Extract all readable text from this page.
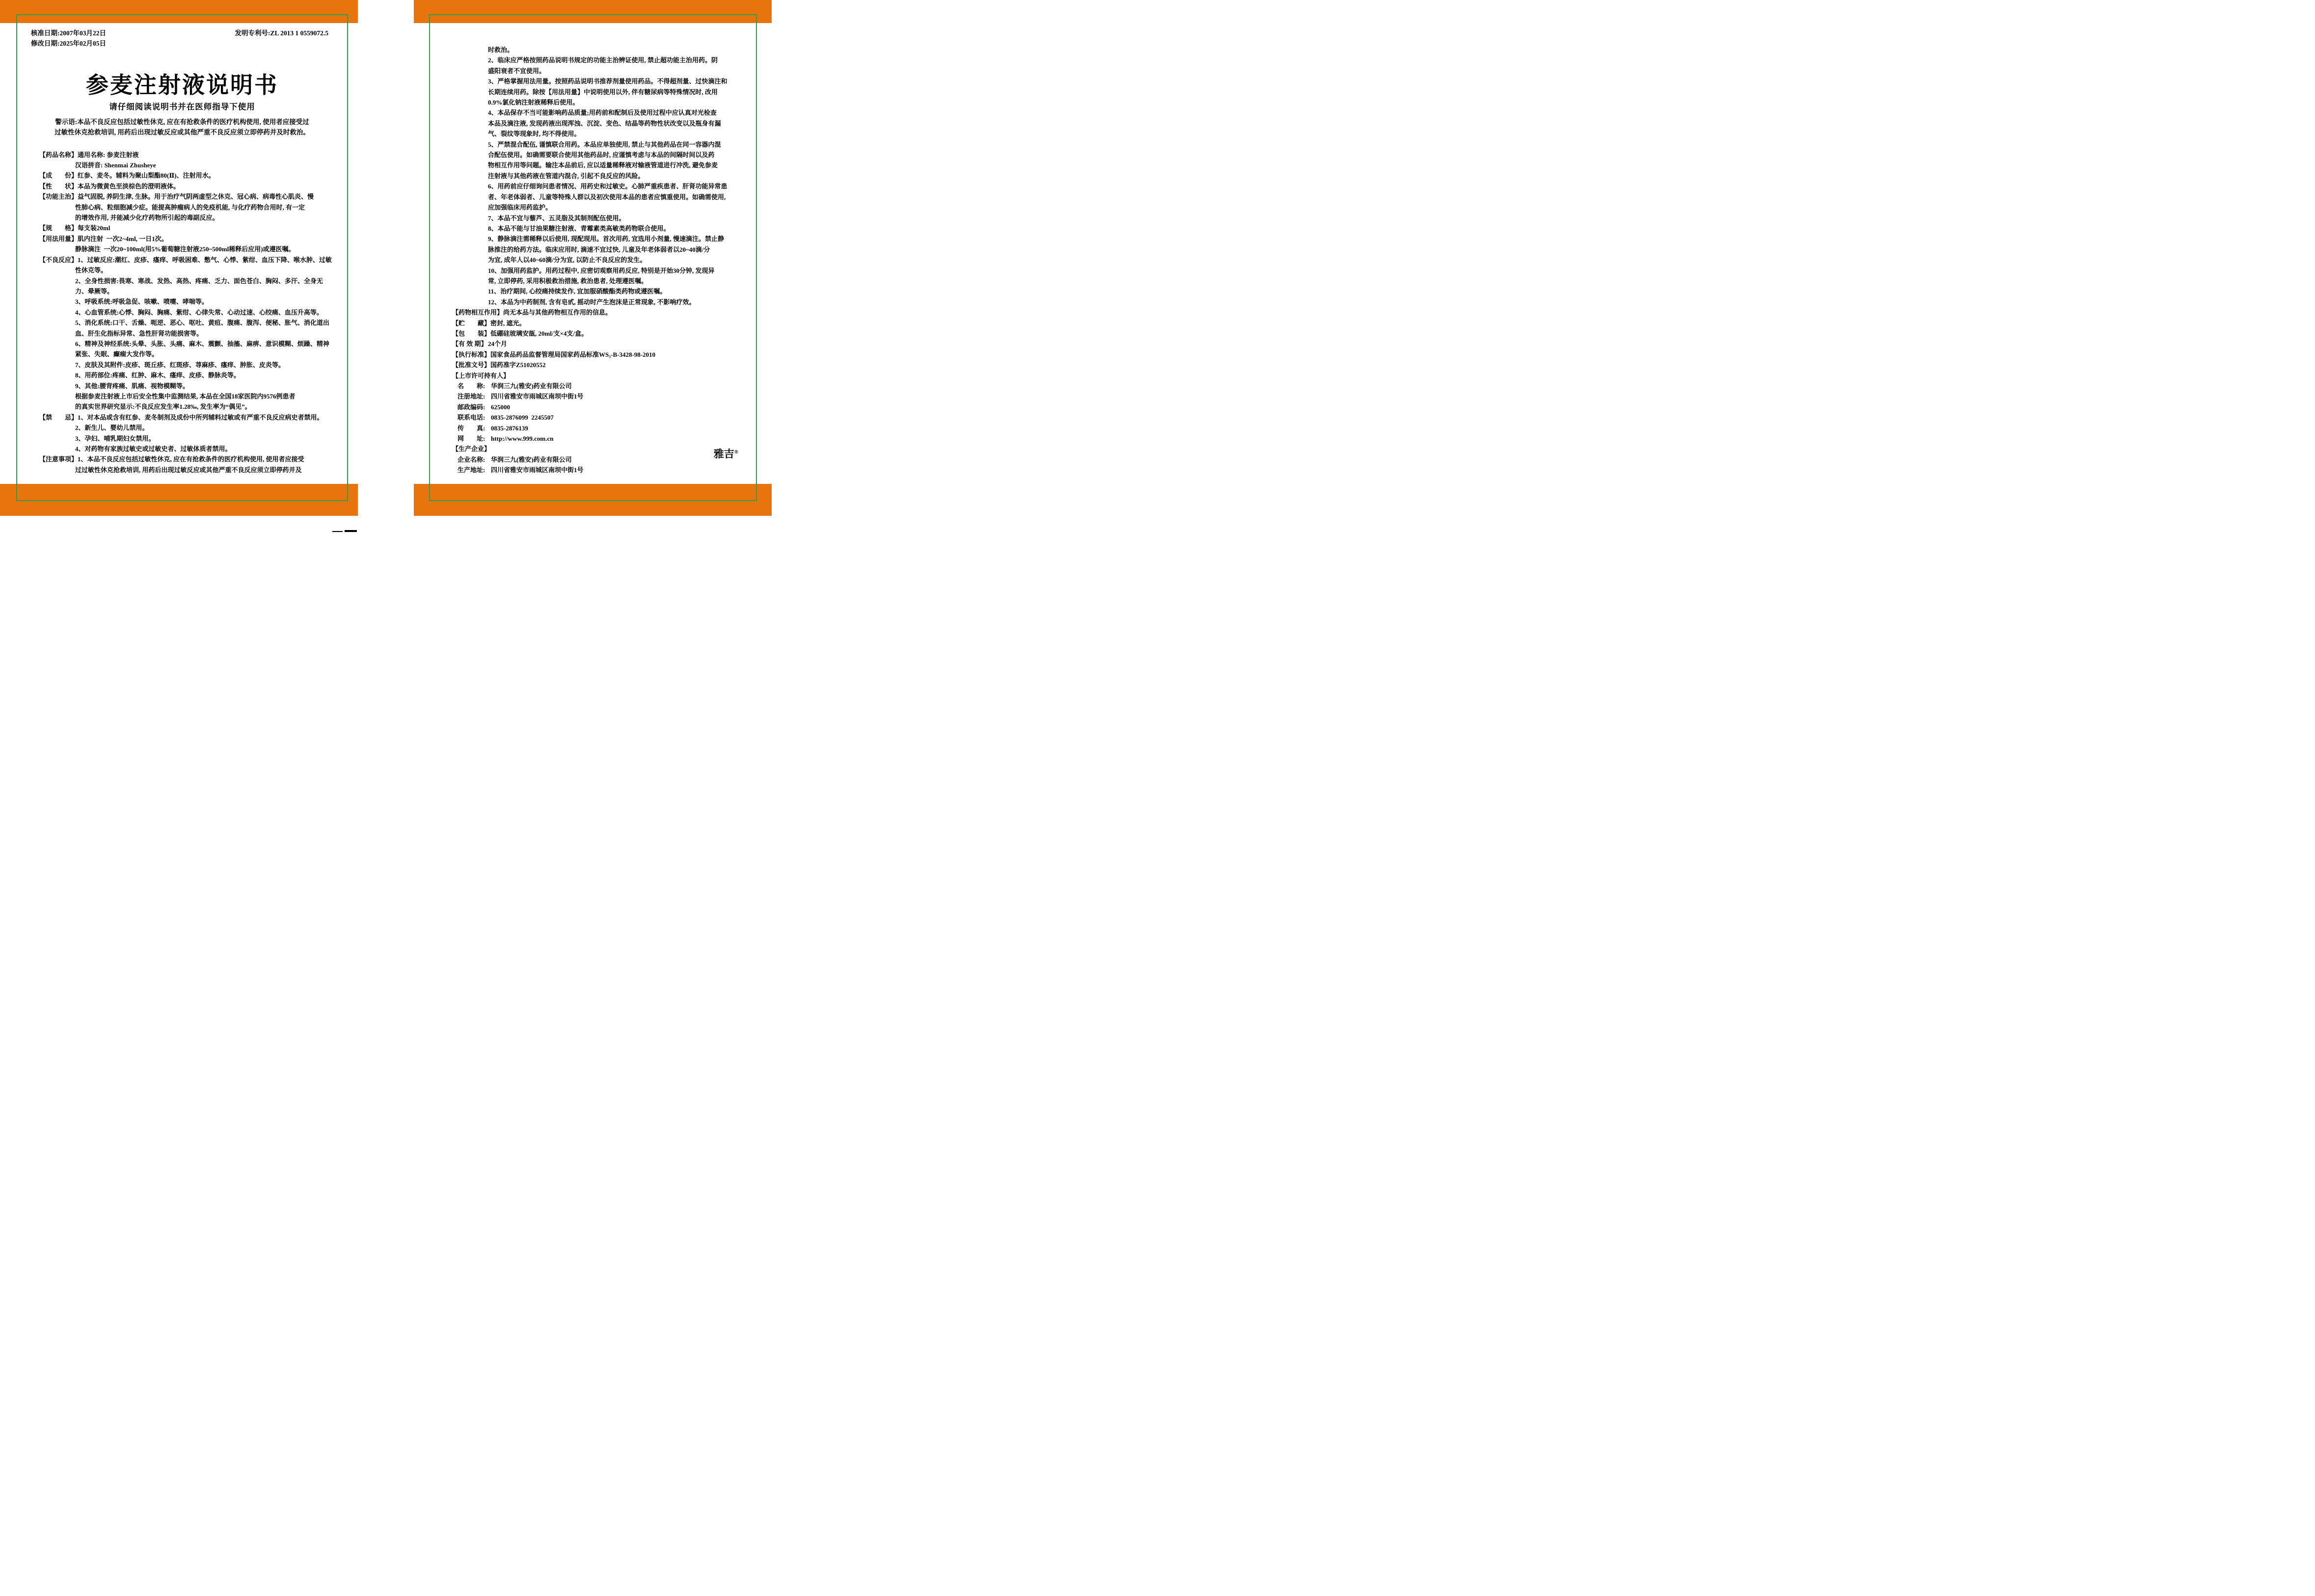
核准日期:2007年03月22日	发明专利号:ZL 2013 1 0559072.5
修改日期:2025年02月05日
参麦注射液说明书
请仔细阅读说明书并在医师指导下使用
警示语:本品不良反应包括过敏性休克, 应在有抢救条件的医疗机构使用, 使用者应接受过
过敏性休克抢救培训, 用药后出现过敏反应或其他严重不良反应须立即停药并及时救治。
【药品名称】 通用名称: 参麦注射液
汉语拼音: Shenmai Zhusheye
【成　　份】 红参、麦冬。辅料为聚山梨酯80(Ⅱ)、注射用水。
【性　　状】 本品为微黄色至淡棕色的澄明液体。
【功能主治】 益气固脱, 养阴生津, 生脉。用于治疗气阴两虚型之休克、冠心病、病毒性心肌炎、慢
性肺心病、粒细胞减少症。能提高肿瘤病人的免疫机能, 与化疗药物合用时, 有一定
的增效作用, 并能减少化疗药物所引起的毒副反应。
【规　　格】 每支装20ml
【用法用量】 肌内注射  一次2~4ml, 一日1次。
静脉滴注  一次20~100ml(用5%葡萄糖注射液250~500ml稀释后应用)或遵医嘱。
【不良反应】 1、过敏反应:潮红、皮疹、瘙痒、呼吸困难、憋气、心悸、紫绀、血压下降、喉水肿、过敏
性休克等。
2、全身性损害:畏寒、寒战、发热、高热、疼痛、乏力、面色苍白、胸闷、多汗、全身无
力、晕厥等。
3、呼吸系统:呼吸急促、咳嗽、喷嚏、哮喘等。
4、心血管系统:心悸、胸闷、胸痛、紫绀、心律失常、心动过速、心绞痛、血压升高等。
5、消化系统:口干、舌燥、呃逆、恶心、呕吐、黄疸、腹痛、腹泻、便秘、胀气、消化道出
血、肝生化指标异常、急性肝肾功能损害等。
6、精神及神经系统:头晕、头胀、头痛、麻木、震颤、抽搐、麻痹、意识模糊、烦躁、精神
紧张、失眠、癫痫大发作等。
7、皮肤及其附件:皮疹、斑丘疹、红斑疹、荨麻疹、瘙痒、肿胀、皮炎等。
8、用药部位:疼痛、红肿、麻木、瘙痒、皮疹、静脉炎等。
9、其他:腰背疼痛、肌痛、视物模糊等。
根据参麦注射液上市后安全性集中监测结果, 本品在全国18家医院内9576例患者
的真实世界研究显示:不良反应发生率1.28‰, 发生率为“偶见”。
【禁　　忌】 1、对本品或含有红参、麦冬制剂及成份中所列辅料过敏或有严重不良反应病史者禁用。
2、新生儿、婴幼儿禁用。
3、孕妇、哺乳期妇女禁用。
4、对药物有家族过敏史或过敏史者、过敏体质者禁用。
【注意事项】 1、本品不良反应包括过敏性休克, 应在有抢救条件的医疗机构使用, 使用者应接受
过过敏性休克抢救培训, 用药后出现过敏反应或其他严重不良反应须立即停药并及
时救治。
2、临床应严格按照药品说明书规定的功能主治辨证使用, 禁止超功能主治用药。阴
盛阳衰者不宜使用。
3、严格掌握用法用量。按照药品说明书推荐剂量使用药品。不得超剂量、过快滴注和
长期连续用药。除按【用法用量】中说明使用以外, 伴有糖尿病等特殊情况时, 改用
0.9%氯化钠注射液稀释后使用。
4、本品保存不当可能影响药品质量;用药前和配制后及使用过程中应认真对光检查
本品及滴注液, 发现药液出现浑浊、沉淀、变色、结晶等药物性状改变以及瓶身有漏
气、裂纹等现象时, 均不得使用。
5、严禁混合配伍, 谨慎联合用药。本品应单独使用, 禁止与其他药品在同一容器内混
合配伍使用。如确需要联合使用其他药品时, 应谨慎考虑与本品的间隔时间以及药
物相互作用等问题。输注本品前后, 应以适量稀释液对输液管道进行冲洗, 避免参麦
注射液与其他药液在管道内混合, 引起不良反应的风险。
6、用药前应仔细询问患者情况、用药史和过敏史。心肺严重疾患者、肝肾功能异常患
者、年老体弱者、儿童等特殊人群以及初次使用本品的患者应慎重使用。如确需使用,
应加强临床用药监护。
7、本品不宜与藜芦、五灵脂及其制剂配伍使用。
8、本品不能与甘油果糖注射液、青霉素类高敏类药物联合使用。
9、静脉滴注需稀释以后使用, 现配现用。首次用药, 宜选用小剂量, 慢速滴注。禁止静
脉推注的给药方法。临床应用时, 滴速不宜过快, 儿童及年老体弱者以20~40滴/分
为宜, 成年人以40~60滴/分为宜, 以防止不良反应的发生。
10、加强用药监护。用药过程中, 应密切观察用药反应, 特别是开始30分钟, 发现异
常, 立即停药, 采用积极救治措施, 救治患者, 处理遵医嘱。
11、治疗期间, 心绞痛持续发作, 宜加服硝酸酯类药物或遵医嘱。
12、本品为中药制剂, 含有皂甙, 摇动时产生泡沫是正常现象, 不影响疗效。
【药物相互作用】 尚无本品与其他药物相互作用的信息。
【贮　　藏】 密封, 遮光。
【包　　装】 低硼硅玻璃安瓿, 20ml/支×4支/盒。
【有 效 期】 24个月
【执行标准】 国家食品药品监督管理局国家药品标准WS₃-B-3428-98-2010
【批准文号】 国药准字Z51020552
【上市许可持有人】
名　　称: 华润三九(雅安)药业有限公司
注册地址: 四川省雅安市雨城区南坝中街1号
邮政编码: 625000
联系电话: 0835-2876099  2245507
传　　真: 0835-2876139
网　　址: http://www.999.com.cn
【生产企业】
企业名称: 华润三九(雅安)药业有限公司
生产地址: 四川省雅安市雨城区南坝中街1号
雅吉®
